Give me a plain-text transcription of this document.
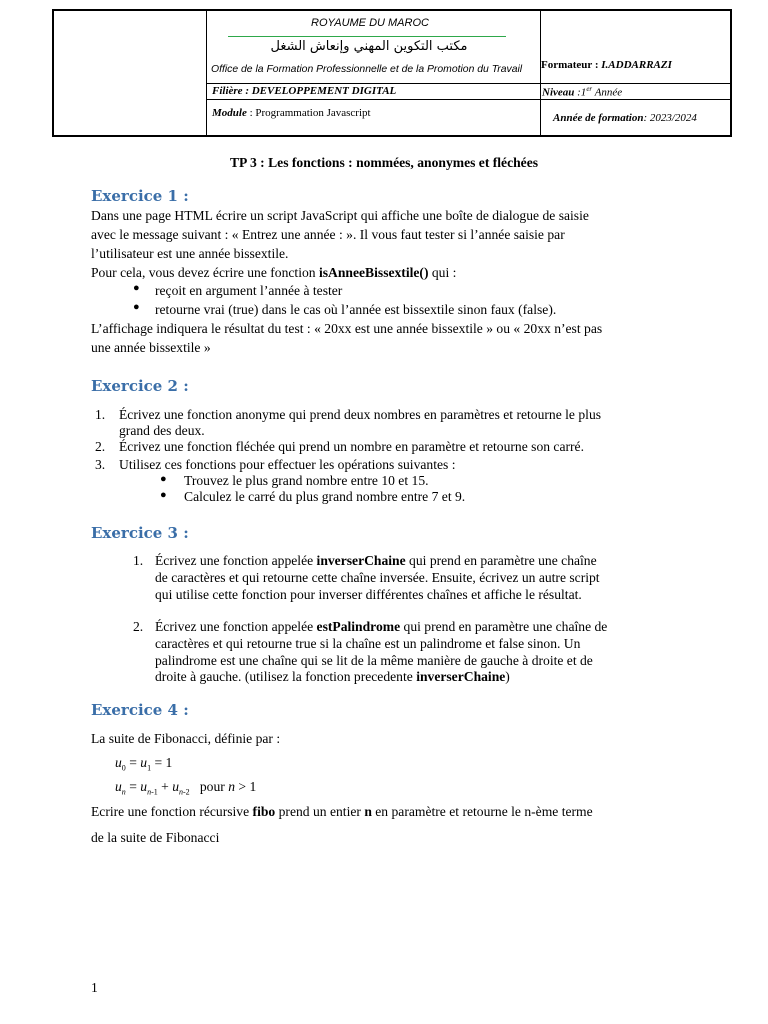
ROYAUME DU MAROC
مكتب التكوين المهني وإنعاش الشغل
Office de la Formation Professionnelle et de la Promotion du Travail Formateur : I.ADDARRAZI
Filière : DEVELOPPEMENT DIGITAL	Niveau :1er Année
Module : Programmation Javascript	Année de formation: 2023/2024
TP 3 : Les fonctions : nommées, anonymes et fléchées
Exercice 1 :
Dans une page HTML écrire un script JavaScript qui affiche une boîte de dialogue de saisie
avec le message suivant : « Entrez une année : ». Il vous faut tester si l’année saisie par
l’utilisateur est une année bissextile.
Pour cela, vous devez écrire une fonction isAnneeBissextile() qui :
● reçoit en argument l’année à tester
● retourne vrai (true) dans le cas où l’année est bissextile sinon faux (false).
L’affichage indiquera le résultat du test : « 20xx est une année bissextile » ou « 20xx n’est pas
une année bissextile »
Exercice 2 :
1. Écrivez une fonction anonyme qui prend deux nombres en paramètres et retourne le plus
grand des deux.
2. Écrivez une fonction fléchée qui prend un nombre en paramètre et retourne son carré.
3. Utilisez ces fonctions pour effectuer les opérations suivantes :
● Trouvez le plus grand nombre entre 10 et 15.
● Calculez le carré du plus grand nombre entre 7 et 9.
Exercice 3 :
1. Écrivez une fonction appelée inverserChaine qui prend en paramètre une chaîne
de caractères et qui retourne cette chaîne inversée. Ensuite, écrivez un autre script
qui utilise cette fonction pour inverser différentes chaînes et affiche le résultat.
2. Écrivez une fonction appelée estPalindrome qui prend en paramètre une chaîne de
caractères et qui retourne true si la chaîne est un palindrome et false sinon. Un
palindrome est une chaîne qui se lit de la même manière de gauche à droite et de
droite à gauche. (utilisez la fonction precedente inverserChaine)
Exercice 4 :
La suite de Fibonacci, définie par :
$u_0 = u_1 = 1$
$u_n = u_{n-1} + u_{n-2}$   pour n > 1
Ecrire une fonction récursive fibo prend un entier n en paramètre et retourne le n-ème terme
de la suite de Fibonacci
1
